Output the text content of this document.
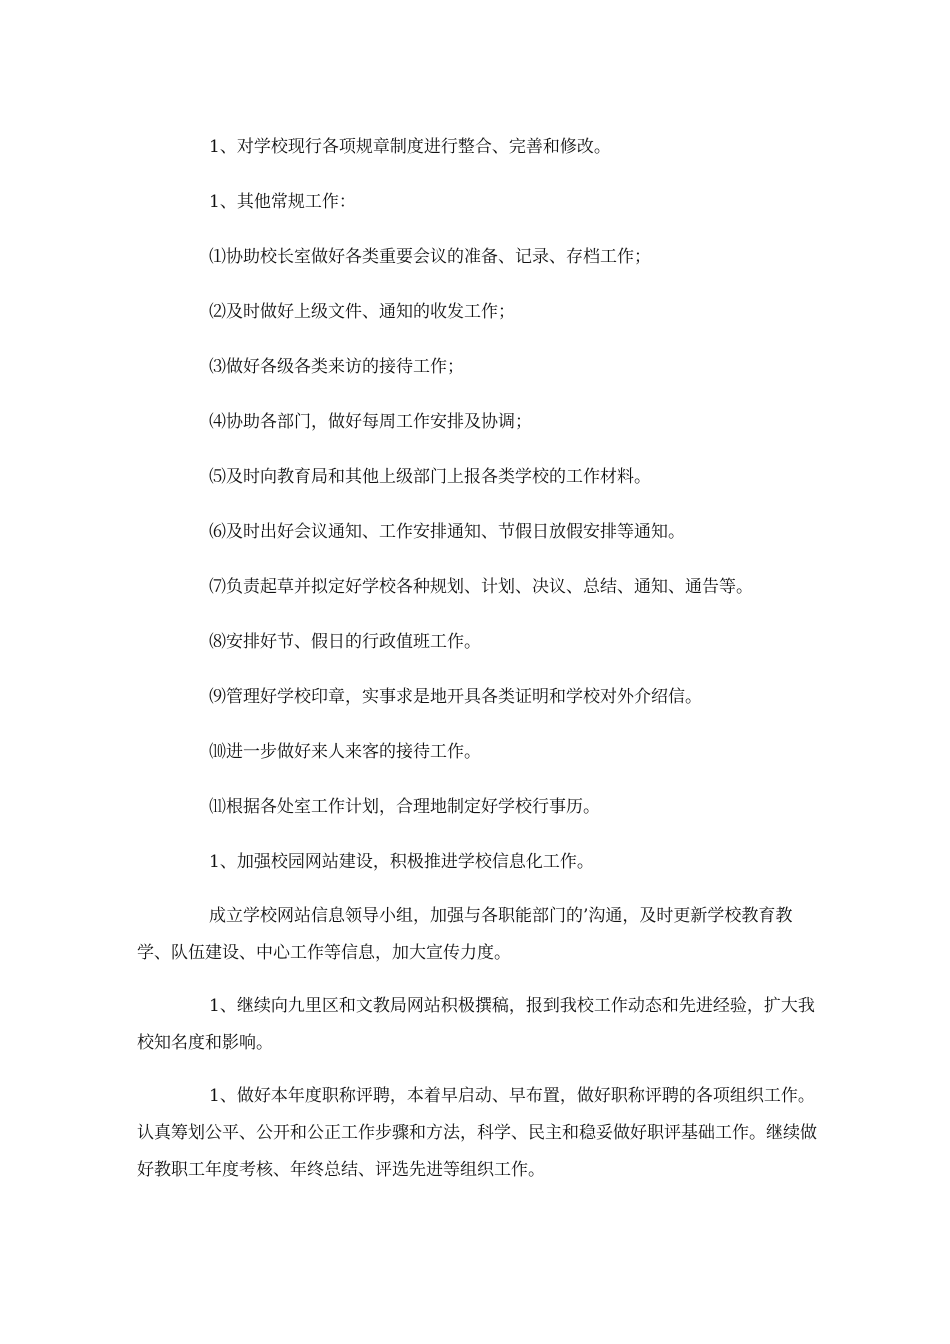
1、对学校现行各项规章制度进行整合、完善和修改。

1、其他常规工作：

⑴协助校长室做好各类重要会议的准备、记录、存档工作；

⑵及时做好上级文件、通知的收发工作；

⑶做好各级各类来访的接待工作；

⑷协助各部门，做好每周工作安排及协调；

⑸及时向教育局和其他上级部门上报各类学校的工作材料。

⑹及时出好会议通知、工作安排通知、节假日放假安排等通知。

⑺负责起草并拟定好学校各种规划、计划、决议、总结、通知、通告等。

⑻安排好节、假日的行政值班工作。

⑼管理好学校印章，实事求是地开具各类证明和学校对外介绍信。

⑽进一步做好来人来客的接待工作。

⑾根据各处室工作计划，合理地制定好学校行事历。

1、加强校园网站建设，积极推进学校信息化工作。

成立学校网站信息领导小组，加强与各职能部门的’沟通，及时更新学校教育教学、队伍建设、中心工作等信息，加大宣传力度。

1、继续向九里区和文教局网站积极撰稿，报到我校工作动态和先进经验，扩大我校知名度和影响。

1、做好本年度职称评聘，本着早启动、早布置，做好职称评聘的各项组织工作。认真筹划公平、公开和公正工作步骤和方法，科学、民主和稳妥做好职评基础工作。继续做好教职工年度考核、年终总结、评选先进等组织工作。
